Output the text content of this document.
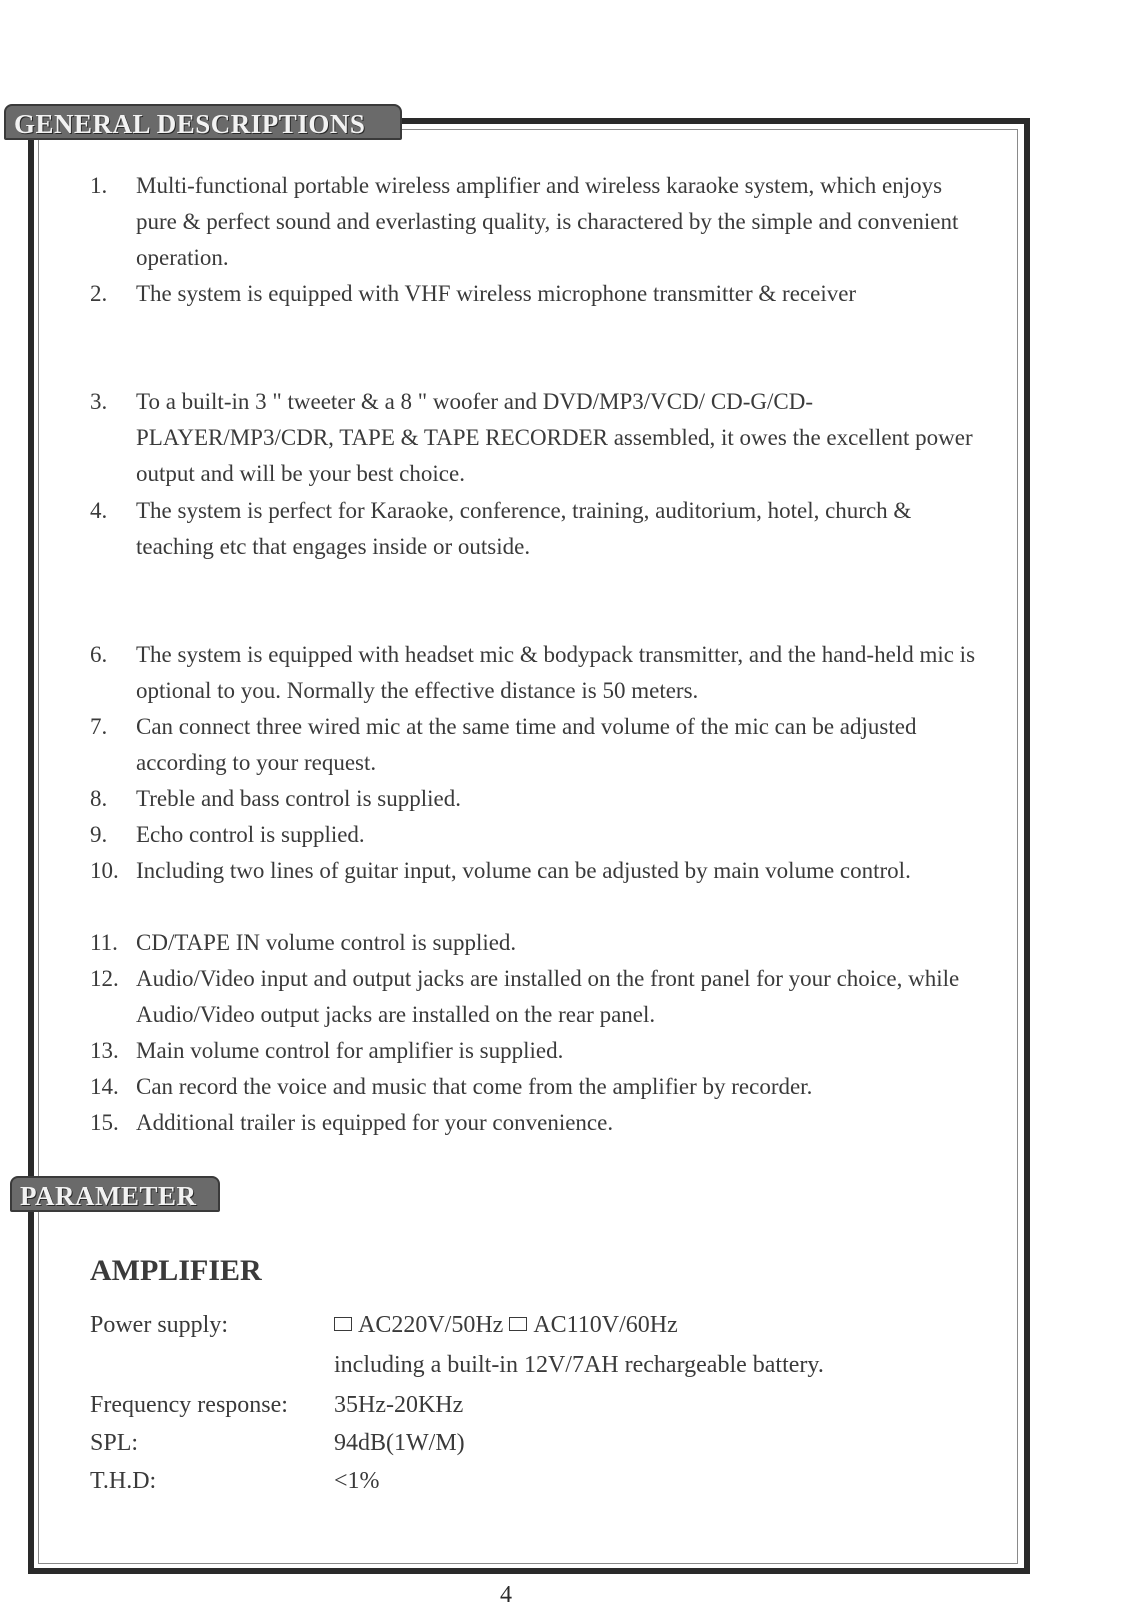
GENERAL DESCRIPTIONS
1. Multi-functional portable wireless amplifier and wireless karaoke system, which enjoys pure & perfect sound and everlasting quality, is charactered by the simple and convenient operation.
2. The system is equipped with VHF wireless microphone transmitter & receiver
3. To a built-in 3 " tweeter & a 8 " woofer and DVD/MP3/VCD/ CD-G/CD-PLAYER/MP3/CDR, TAPE & TAPE RECORDER assembled, it owes the excellent power output and will be your best choice.
4. The system is perfect for Karaoke, conference, training, auditorium, hotel, church & teaching etc that engages inside or outside.
6. The system is equipped with headset mic & bodypack transmitter, and the hand-held mic is optional to you. Normally the effective distance is 50 meters.
7. Can connect three wired mic at the same time and volume of the mic can be adjusted according to your request.
8. Treble and bass control is supplied.
9. Echo control is supplied.
10. Including two lines of guitar input, volume can be adjusted by main volume control.
11. CD/TAPE IN volume control is supplied.
12. Audio/Video input and output jacks are installed on the front panel for your choice, while Audio/Video output jacks are installed on the rear panel.
13. Main volume control for amplifier is supplied.
14. Can record the voice and music that come from the amplifier by recorder.
15. Additional trailer is equipped for your convenience.
PARAMETER
AMPLIFIER
Power supply:	AC220V/50Hz AC110V/60Hz
including a built-in 12V/7AH rechargeable battery.
Frequency response: 35Hz-20KHz
SPL:	94dB(1W/M)
T.H.D:	<1%
4
